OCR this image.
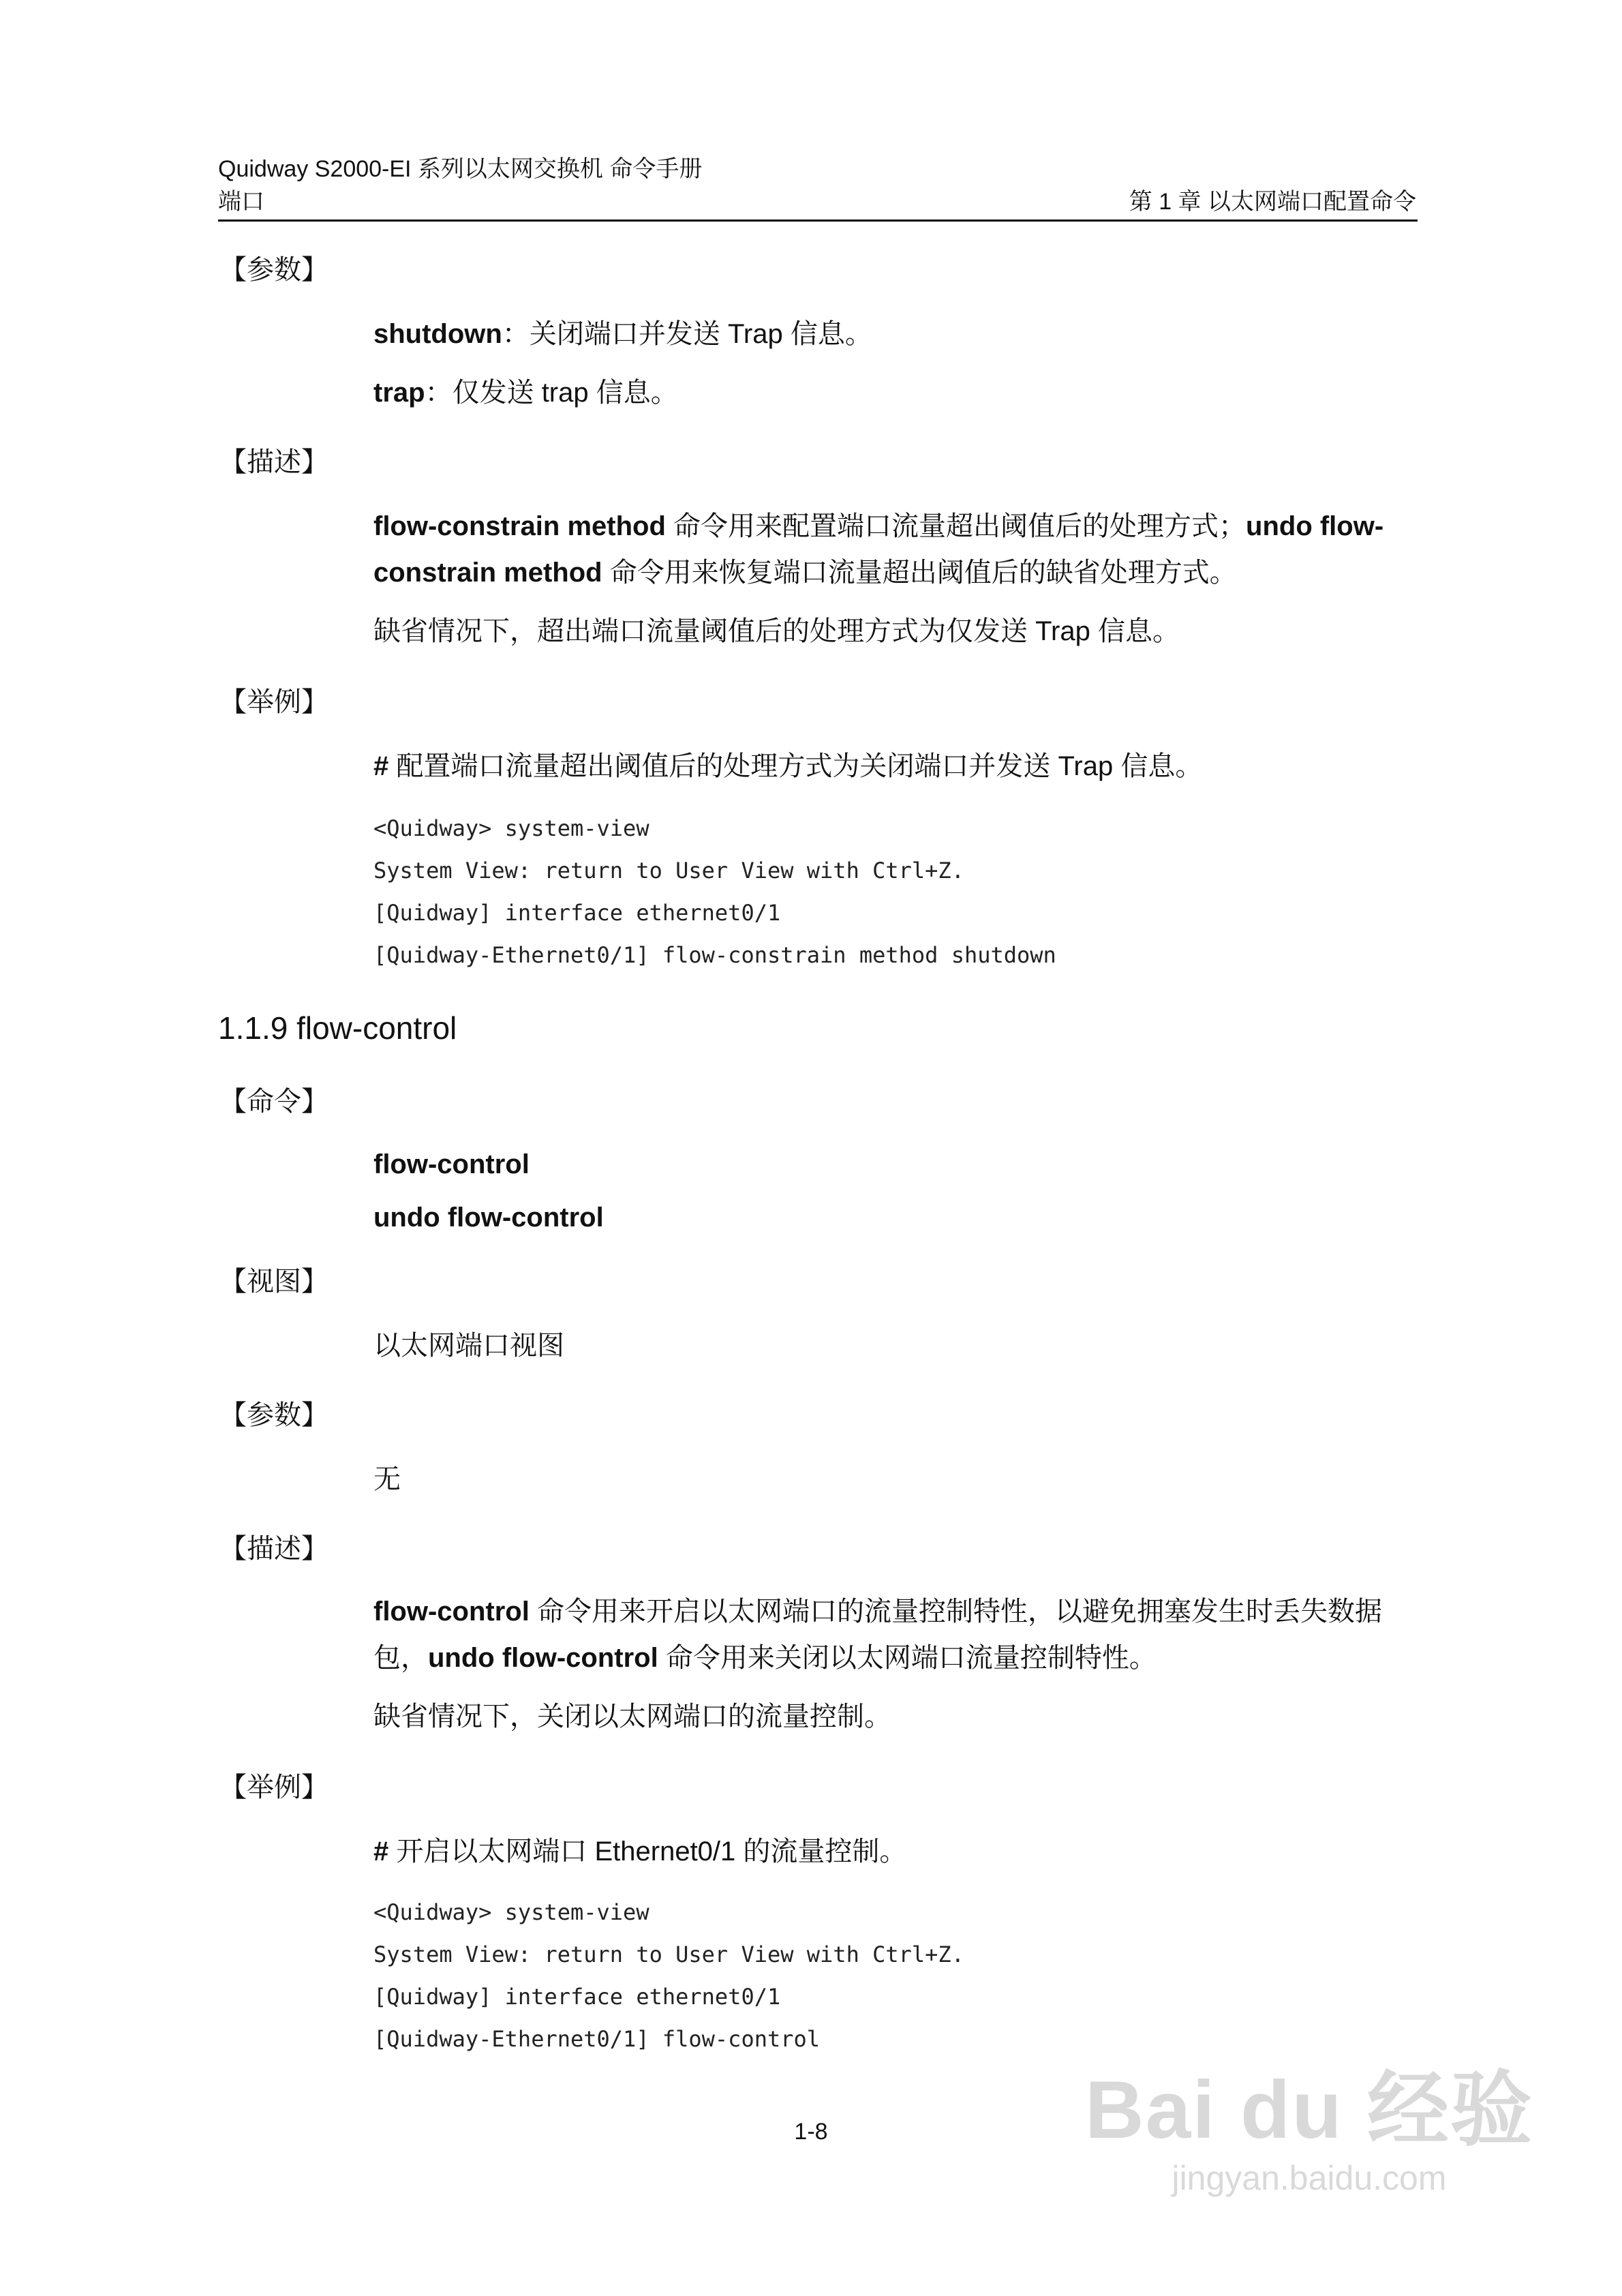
Quidway S2000-EI 系列以太网交换机 命令手册
端口	第 1 章 以太网端口配置命令
【参数】
shutdown：关闭端口并发送 Trap 信息。
trap：仅发送 trap 信息。
【描述】
flow-constrain method 命令用来配置端口流量超出阈值后的处理方式；undo flow-constrain method 命令用来恢复端口流量超出阈值后的缺省处理方式。
缺省情况下，超出端口流量阈值后的处理方式为仅发送 Trap 信息。
【举例】
# 配置端口流量超出阈值后的处理方式为关闭端口并发送 Trap 信息。
<Quidway> system-view
System View: return to User View with Ctrl+Z.
[Quidway] interface ethernet0/1
[Quidway-Ethernet0/1] flow-constrain method shutdown
1.1.9 flow-control
【命令】
flow-control
undo flow-control
【视图】
以太网端口视图
【参数】
无
【描述】
flow-control 命令用来开启以太网端口的流量控制特性，以避免拥塞发生时丢失数据包，undo flow-control 命令用来关闭以太网端口流量控制特性。
缺省情况下，关闭以太网端口的流量控制。
【举例】
# 开启以太网端口 Ethernet0/1 的流量控制。
<Quidway> system-view
System View: return to User View with Ctrl+Z.
[Quidway] interface ethernet0/1
[Quidway-Ethernet0/1] flow-control
1-8	Bai du 经验
jingyan.baidu.com
